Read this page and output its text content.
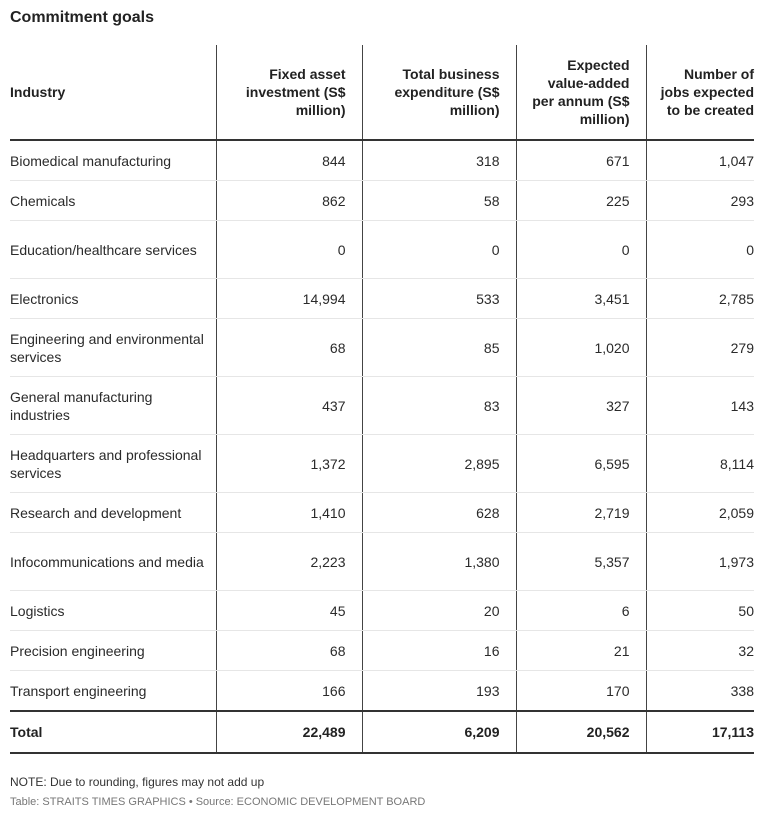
Commitment goals
Industry	Fixed asset investment (S$ million)	Total business expenditure (S$ million)	Expected value-added per annum (S$ million)	Number of jobs expected to be created
Biomedical manufacturing	844	318	671	1,047
Chemicals	862	58	225	293
Education/healthcare services	0	0	0	0
Electronics	14,994	533	3,451	2,785
Engineering and environmental services	68	85	1,020	279
General manufacturing industries	437	83	327	143
Headquarters and professional services	1,372	2,895	6,595	8,114
Research and development	1,410	628	2,719	2,059
Infocommunications and media	2,223	1,380	5,357	1,973
Logistics	45	20	6	50
Precision engineering	68	16	21	32
Transport engineering	166	193	170	338
Total	22,489	6,209	20,562	17,113

NOTE: Due to rounding, figures may not add up

Table: STRAITS TIMES GRAPHICS • Source: ECONOMIC DEVELOPMENT BOARD
